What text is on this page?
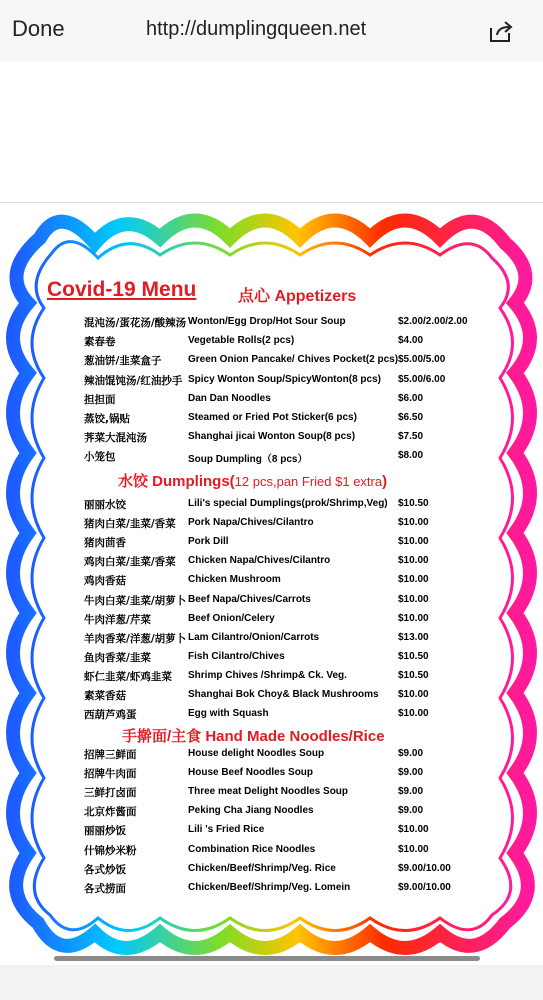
Done	http://dumplingqueen.net
Covid-19 Menu	点心 Appetizers
混沌汤/蛋花汤/酸辣汤 Wonton/Egg Drop/Hot Sour Soup	$2.00/2.00/2.00
素春卷	Vegetable Rolls(2 pcs)	$4.00
葱油饼/韭菜盒子	Green Onion Pancake/ Chives Pocket(2 pcs) $5.00/5.00
辣油馄饨汤/红油抄手 Spicy Wonton Soup/SpicyWonton(8 pcs) $5.00/6.00
担担面	Dan Dan Noodles	$6.00
蒸饺,锅贴	Steamed or Fried Pot Sticker(6 pcs)	$6.50
荠菜大混沌汤	Shanghai jicai Wonton Soup(8 pcs)	$7.50
小笼包	Soup Dumpling（8 pcs）	$8.00
水饺 Dumplings(12 pcs,pan Fried $1 extra)
丽丽水饺	Lili's special Dumplings(prok/Shrimp,Veg) $10.50
猪肉白菜/韭菜/香菜 Pork Napa/Chives/Cilantro	$10.00
猪肉茴香	Pork Dill	$10.00
鸡肉白菜/韭菜/香菜 Chicken Napa/Chives/Cilantro	$10.00
鸡肉香菇	Chicken Mushroom	$10.00
牛肉白菜/韭菜/胡萝卜 Beef Napa/Chives/Carrots	$10.00
牛肉洋葱/芹菜	Beef Onion/Celery	$10.00
羊肉香菜/洋葱/胡萝卜 Lam Cilantro/Onion/Carrots	$13.00
鱼肉香菜/韭菜	Fish Cilantro/Chives	$10.50
虾仁韭菜/虾鸡韭菜 Shrimp Chives /Shrimp& Ck. Veg.	$10.50
素菜香菇	Shanghai Bok Choy& Black Mushrooms $10.00
西葫芦鸡蛋	Egg with Squash	$10.00
手擀面/主食 Hand Made Noodles/Rice
招牌三鲜面	House delight Noodles Soup	$9.00
招牌牛肉面	House Beef Noodles Soup	$9.00
三鲜打卤面	Three meat Delight Noodles Soup	$9.00
北京炸酱面	Peking Cha Jiang Noodles	$9.00
丽丽炒饭	Lili 's Fried Rice	$10.00
什锦炒米粉	Combination Rice Noodles	$10.00
各式炒饭	Chicken/Beef/Shrimp/Veg. Rice	$9.00/10.00
各式捞面	Chicken/Beef/Shrimp/Veg. Lomein	$9.00/10.00
